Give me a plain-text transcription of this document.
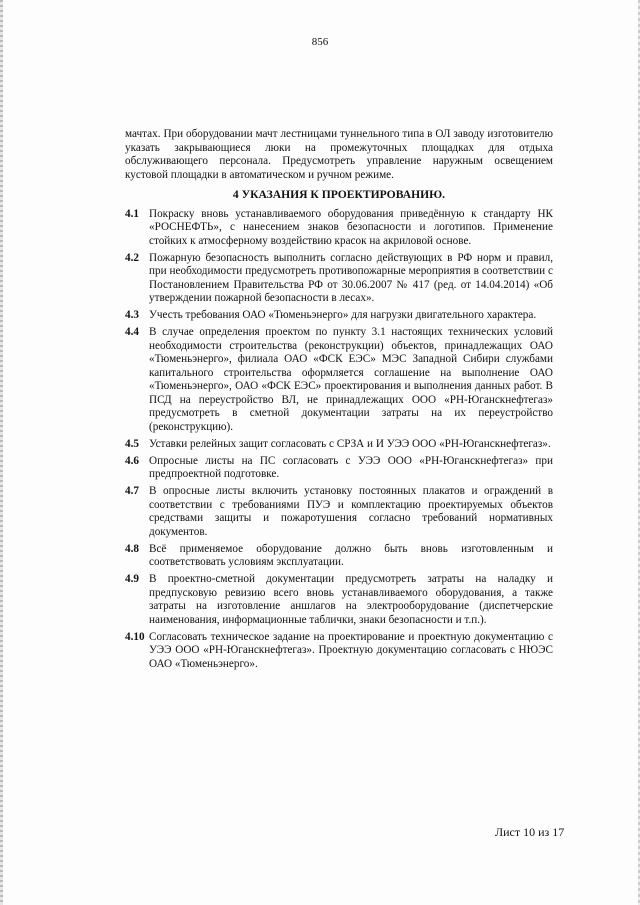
856

мачтах. При оборудовании мачт лестницами туннельного типа в ОЛ заводу изготовителю указать закрывающиеся люки на промежуточных площадках для отдыха обслуживающего персонала. Предусмотреть управление наружным освещением кустовой площадки в автоматическом и ручном режиме.

4 УКАЗАНИЯ К ПРОЕКТИРОВАНИЮ.
4.1 Покраску вновь устанавливаемого оборудования приведённую к стандарту НК «РОСНЕФТЬ», с нанесением знаков безопасности и логотипов. Применение стойких к атмосферному воздействию красок на акриловой основе.
4.2 Пожарную безопасность выполнить согласно действующих в РФ норм и правил, при необходимости предусмотреть противопожарные мероприятия в соответствии с Постановлением Правительства РФ от 30.06.2007 № 417 (ред. от 14.04.2014) «Об утверждении пожарной безопасности в лесах».
4.3 Учесть требования ОАО «Тюменьэнерго» для нагрузки двигательного характера.
4.4 В случае определения проектом по пункту 3.1 настоящих технических условий необходимости строительства (реконструкции) объектов, принадлежащих ОАО «Тюменьэнерго», филиала ОАО «ФСК ЕЭС» МЭС Западной Сибири службами капитального строительства оформляется соглашение на выполнение ОАО «Тюменьэнерго», ОАО «ФСК ЕЭС» проектирования и выполнения данных работ. В ПСД на переустройство ВЛ, не принадлежащих ООО «РН-Юганскнефтегаз» предусмотреть в сметной документации затраты на их переустройство (реконструкцию).
4.5 Уставки релейных защит согласовать с СРЗА и И УЭЭ ООО «РН-Юганскнефтегаз».
4.6 Опросные листы на ПС согласовать с УЭЭ ООО «РН-Юганскнефтегаз» при предпроектной подготовке.
4.7 В опросные листы включить установку постоянных плакатов и ограждений в соответствии с требованиями ПУЭ и комплектацию проектируемых объектов средствами защиты и пожаротушения согласно требований нормативных документов.
4.8 Всё применяемое оборудование должно быть вновь изготовленным и соответствовать условиям эксплуатации.
4.9 В проектно-сметной документации предусмотреть затраты на наладку и предпусковую ревизию всего вновь устанавливаемого оборудования, а также затраты на изготовление аншлагов на электрооборудование (диспетчерские наименования, информационные таблички, знаки безопасности и т.п.).
4.10 Согласовать техническое задание на проектирование и проектную документацию с УЭЭ ООО «РН-Юганскнефтегаз». Проектную документацию согласовать с НЮЭС ОАО «Тюменьэнерго».
Лист 10 из 17
